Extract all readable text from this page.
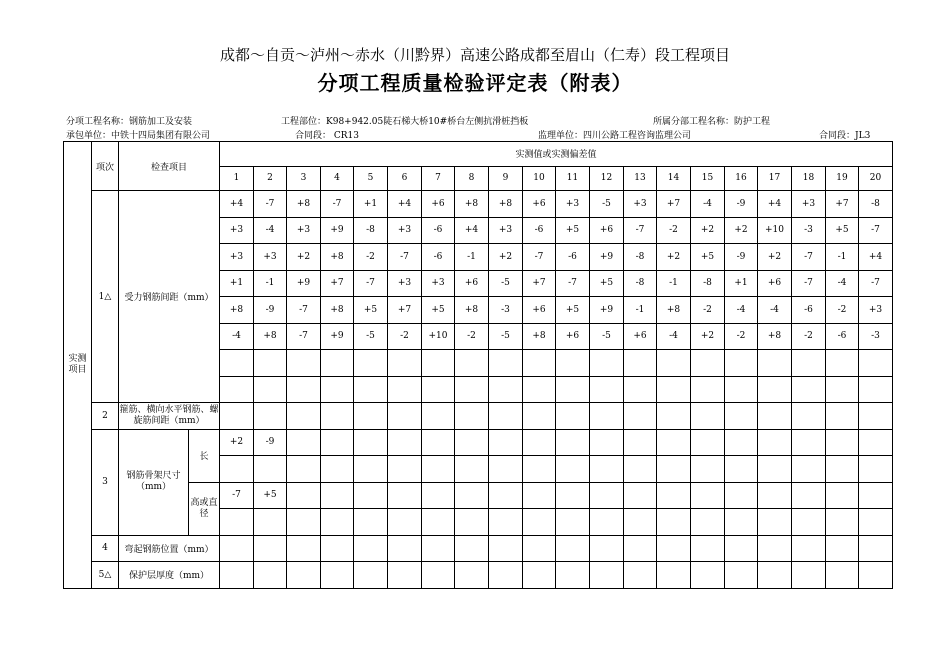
成都～自贡～泸州～赤水（川黔界）高速公路成都至眉山（仁寿）段工程项目
分项工程质量检验评定表（附表）
分项工程名称：钢筋加工及安装	工程部位：K98+942.05陡石梯大桥10#桥台左侧抗滑桩挡板	所属分部工程名称：防护工程
承包单位：中铁十四局集团有限公司	合同段： CR13	监理单位：四川公路工程咨询监理公司	合同段：JL3
实测
项目	项次	检查项目		实测值或实测偏差值																			
				1	2	3	4	5	6	7	8	9	10	11	12	13	14	15	16	17	18	19	20
	1△	受力钢筋间距（mm）		+4	-7	+8	-7	+1	+4	+6	+8	+8	+6	+3	-5	+3	+7	-4	-9	+4	+3	+7	-8
				+3	-4	+3	+9	-8	+3	-6	+4	+3	-6	+5	+6	-7	-2	+2	+2	+10	-3	+5	-7
				+3	+3	+2	+8	-2	-7	-6	-1	+2	-7	-6	+9	-8	+2	+5	-9	+2	-7	-1	+4
				+1	-1	+9	+7	-7	+3	+3	+6	-5	+7	-7	+5	-8	-1	-8	+1	+6	-7	-4	-7
				+8	-9	-7	+8	+5	+7	+5	+8	-3	+6	+5	+9	-1	+8	-2	-4	-4	-6	-2	+3
				-4	+8	-7	+9	-5	-2	+10	-2	-5	+8	+6	-5	+6	-4	+2	-2	+8	-2	-6	-3

	2	箍筋、横向水平钢筋、螺旋筋间距（mm）																					
	3	钢筋骨架尺寸（mm）	长	+2	-9																		

			高或直径	-7	+5																		

	4	弯起钢筋位置（mm）																					
	5△	保护层厚度（mm）																					
